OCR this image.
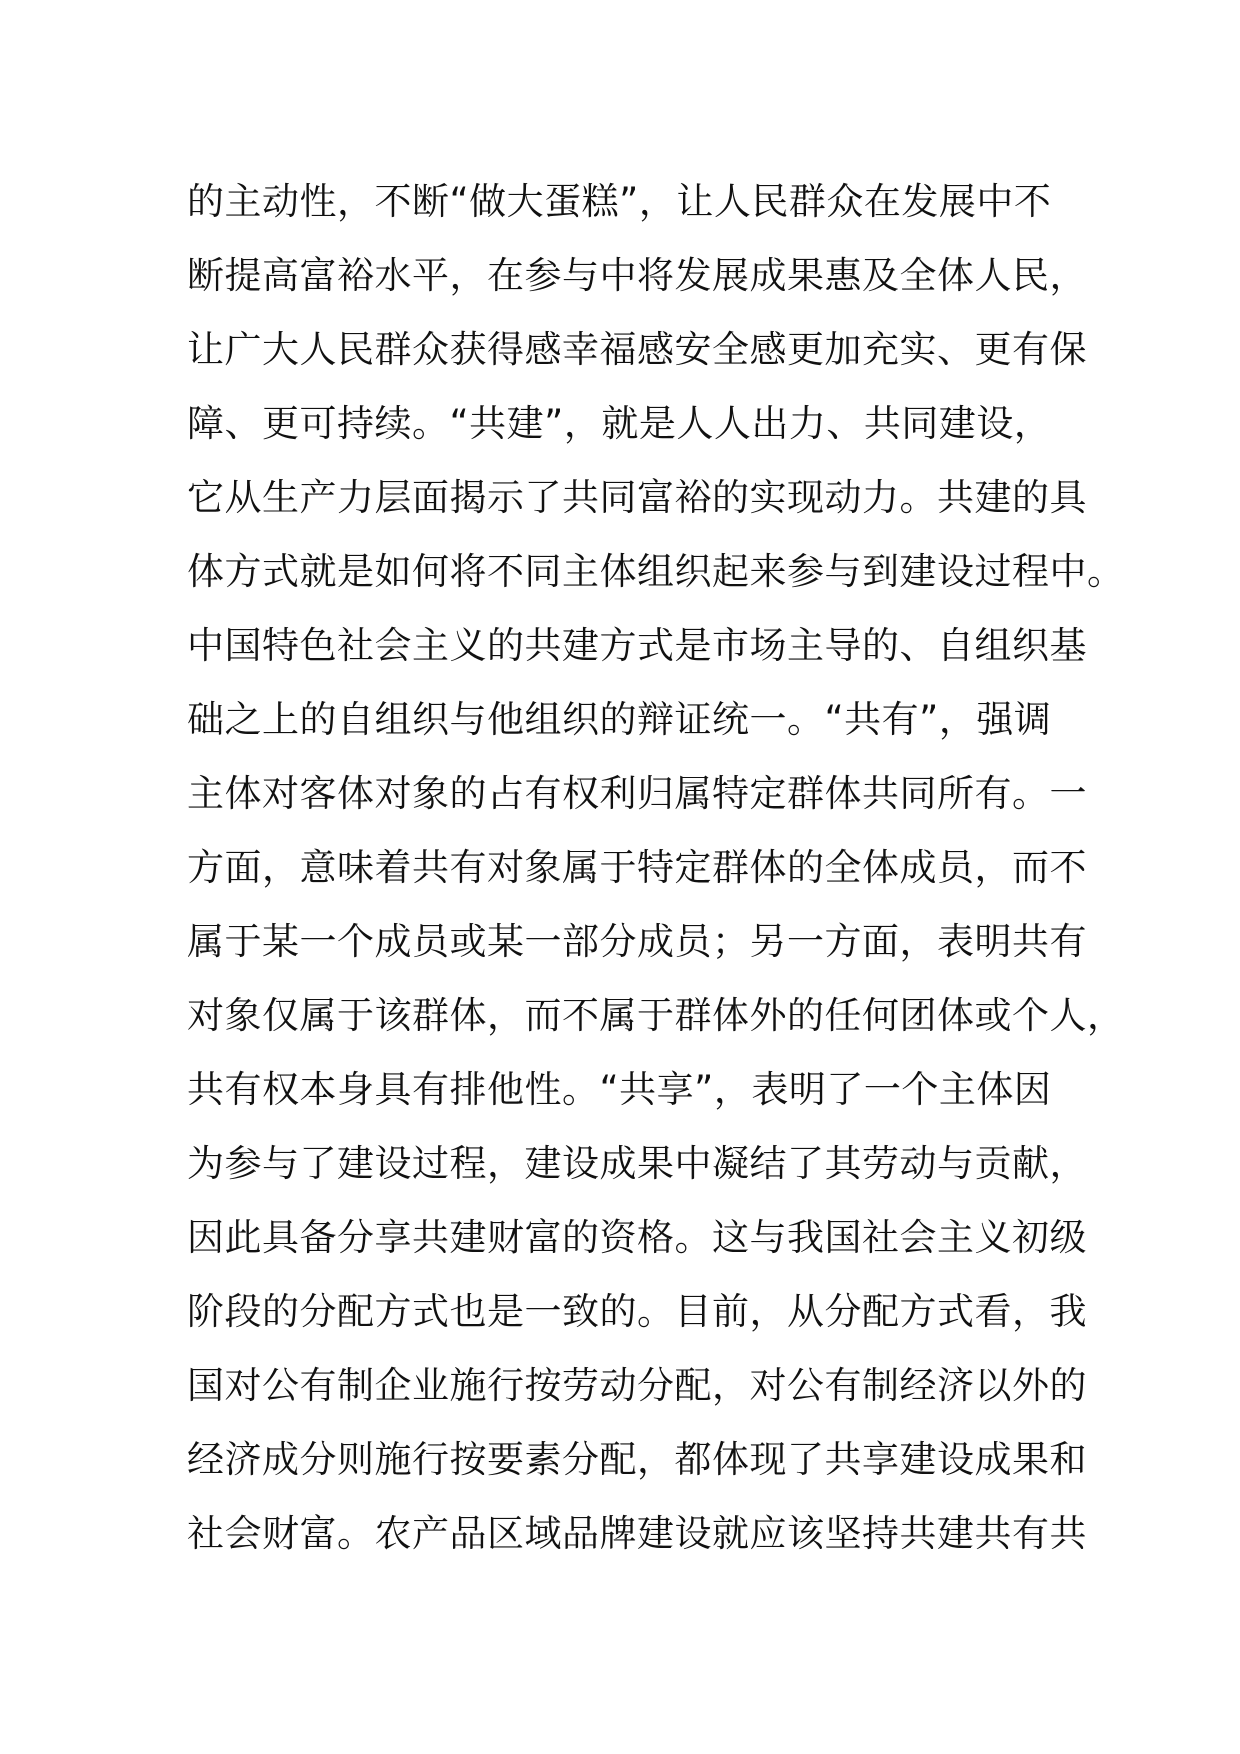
的主动性，不断“做大蛋糕”，让人民群众在发展中不
断提高富裕水平，在参与中将发展成果惠及全体人民，
让广大人民群众获得感幸福感安全感更加充实、更有保
障、更可持续。“共建”，就是人人出力、共同建设，
它从生产力层面揭示了共同富裕的实现动力。共建的具
体方式就是如何将不同主体组织起来参与到建设过程中。
中国特色社会主义的共建方式是市场主导的、自组织基
础之上的自组织与他组织的辩证统一。“共有”，强调
主体对客体对象的占有权利归属特定群体共同所有。一
方面，意味着共有对象属于特定群体的全体成员，而不
属于某一个成员或某一部分成员；另一方面，表明共有
对象仅属于该群体，而不属于群体外的任何团体或个人，
共有权本身具有排他性。“共享”，表明了一个主体因
为参与了建设过程，建设成果中凝结了其劳动与贡献，
因此具备分享共建财富的资格。这与我国社会主义初级
阶段的分配方式也是一致的。目前，从分配方式看，我
国对公有制企业施行按劳动分配，对公有制经济以外的
经济成分则施行按要素分配，都体现了共享建设成果和
社会财富。农产品区域品牌建设就应该坚持共建共有共
